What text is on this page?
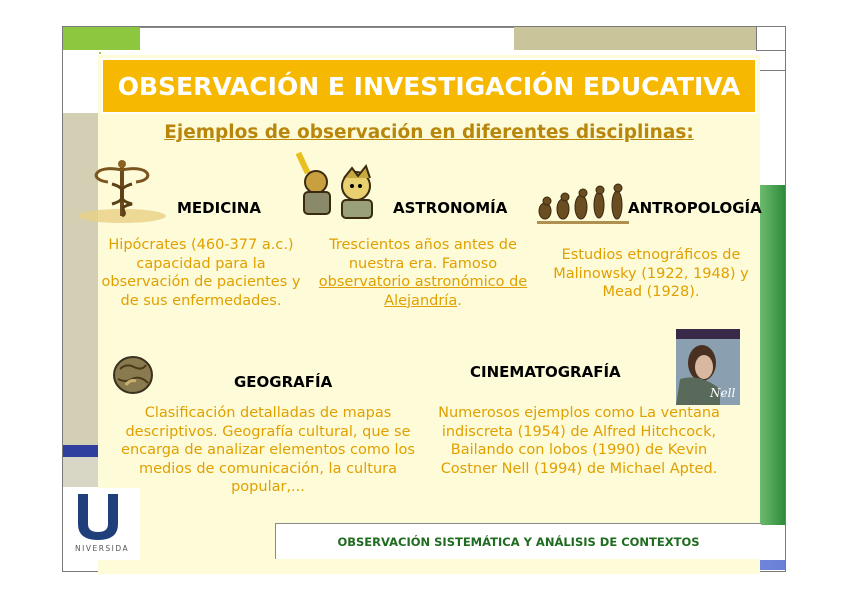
OBSERVACIÓN E INVESTIGACIÓN EDUCATIVA
Ejemplos de observación en diferentes disciplinas:
MEDICINA
Hipócrates (460-377 a.c.) capacidad para la observación de pacientes y de sus enfermedades.
ASTRONOMÍA
Trescientos años antes de nuestra era. Famoso observatorio astronómico de Alejandría.
ANTROPOLOGÍA
Estudios etnográficos de Malinowsky (1922, 1948) y Mead (1928).
GEOGRAFÍA
Clasificación detalladas de mapas descriptivos. Geografía cultural, que se encarga de analizar elementos como los medios de comunicación, la cultura popular,...
Nell
CINEMATOGRAFÍA
Numerosos ejemplos como La ventana indiscreta (1954) de Alfred Hitchcock, Bailando con lobos (1990) de Kevin Costner Nell (1994) de Michael Apted.
OBSERVACIÓN SISTEMÁTICA Y ANÁLISIS DE CONTEXTOS
NIVERSIDA
